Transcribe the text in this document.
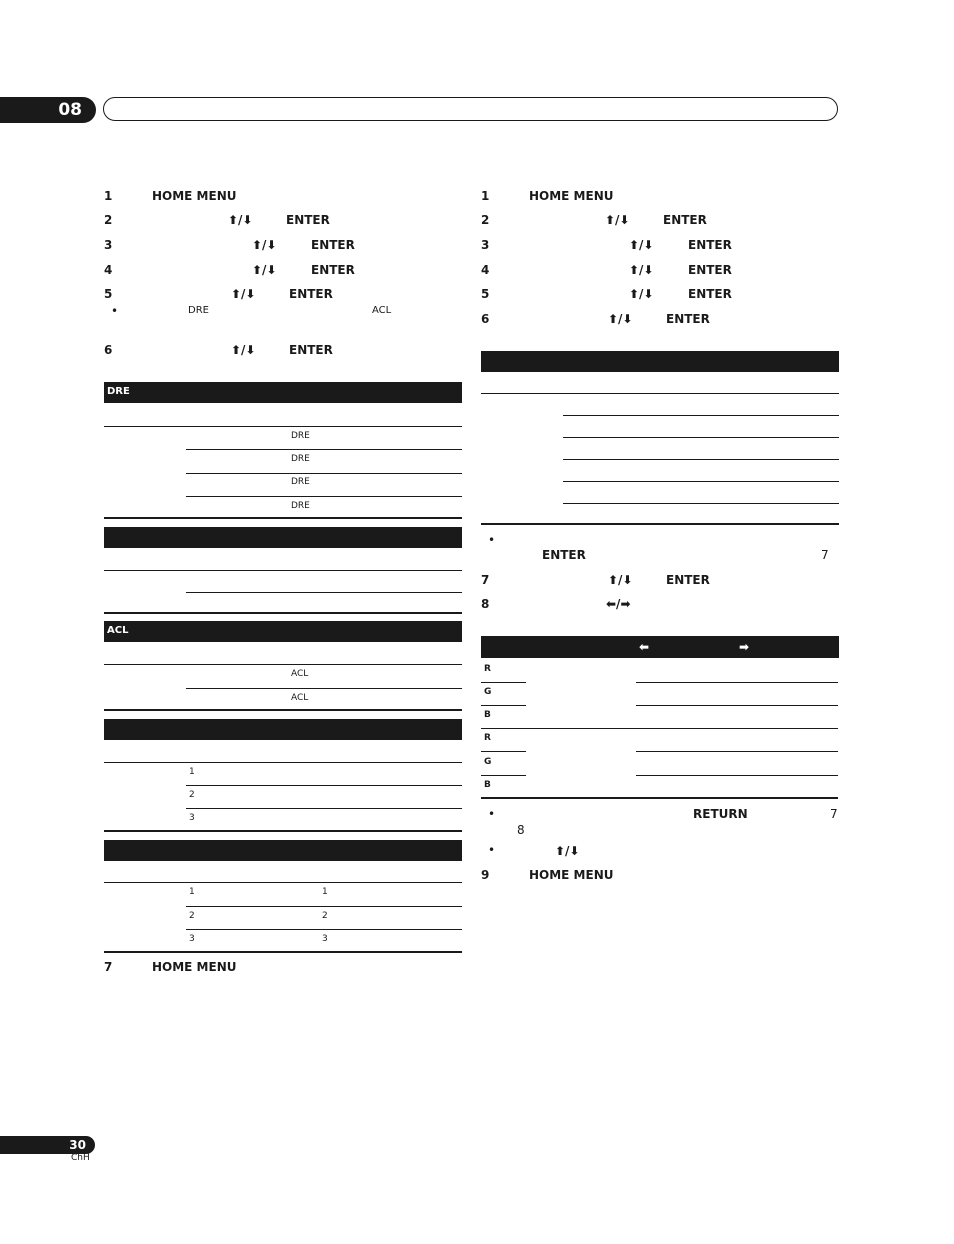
08
1	HOME MENU
2	⬆/⬇	ENTER
3	⬆/⬇	ENTER
4	⬆/⬇	ENTER
5	⬆/⬇	ENTER
•	DRE	ACL
6	⬆/⬇	ENTER
DRE
DRE
DRE
DRE
DRE
ACL
ACL
ACL
1
2
3
1	1
2	2
3	3
7	HOME MENU
1	HOME MENU
2	⬆/⬇	ENTER
3	⬆/⬇	ENTER
4	⬆/⬇	ENTER
5	⬆/⬇	ENTER
6	⬆/⬇	ENTER
•
ENTER	7
7	⬆/⬇	ENTER
8	⬅/➡
⬅	➡
R
G
B
R
G
B
•	RETURN	7
8
•	⬆/⬇
9	HOME MENU
30
ChH
